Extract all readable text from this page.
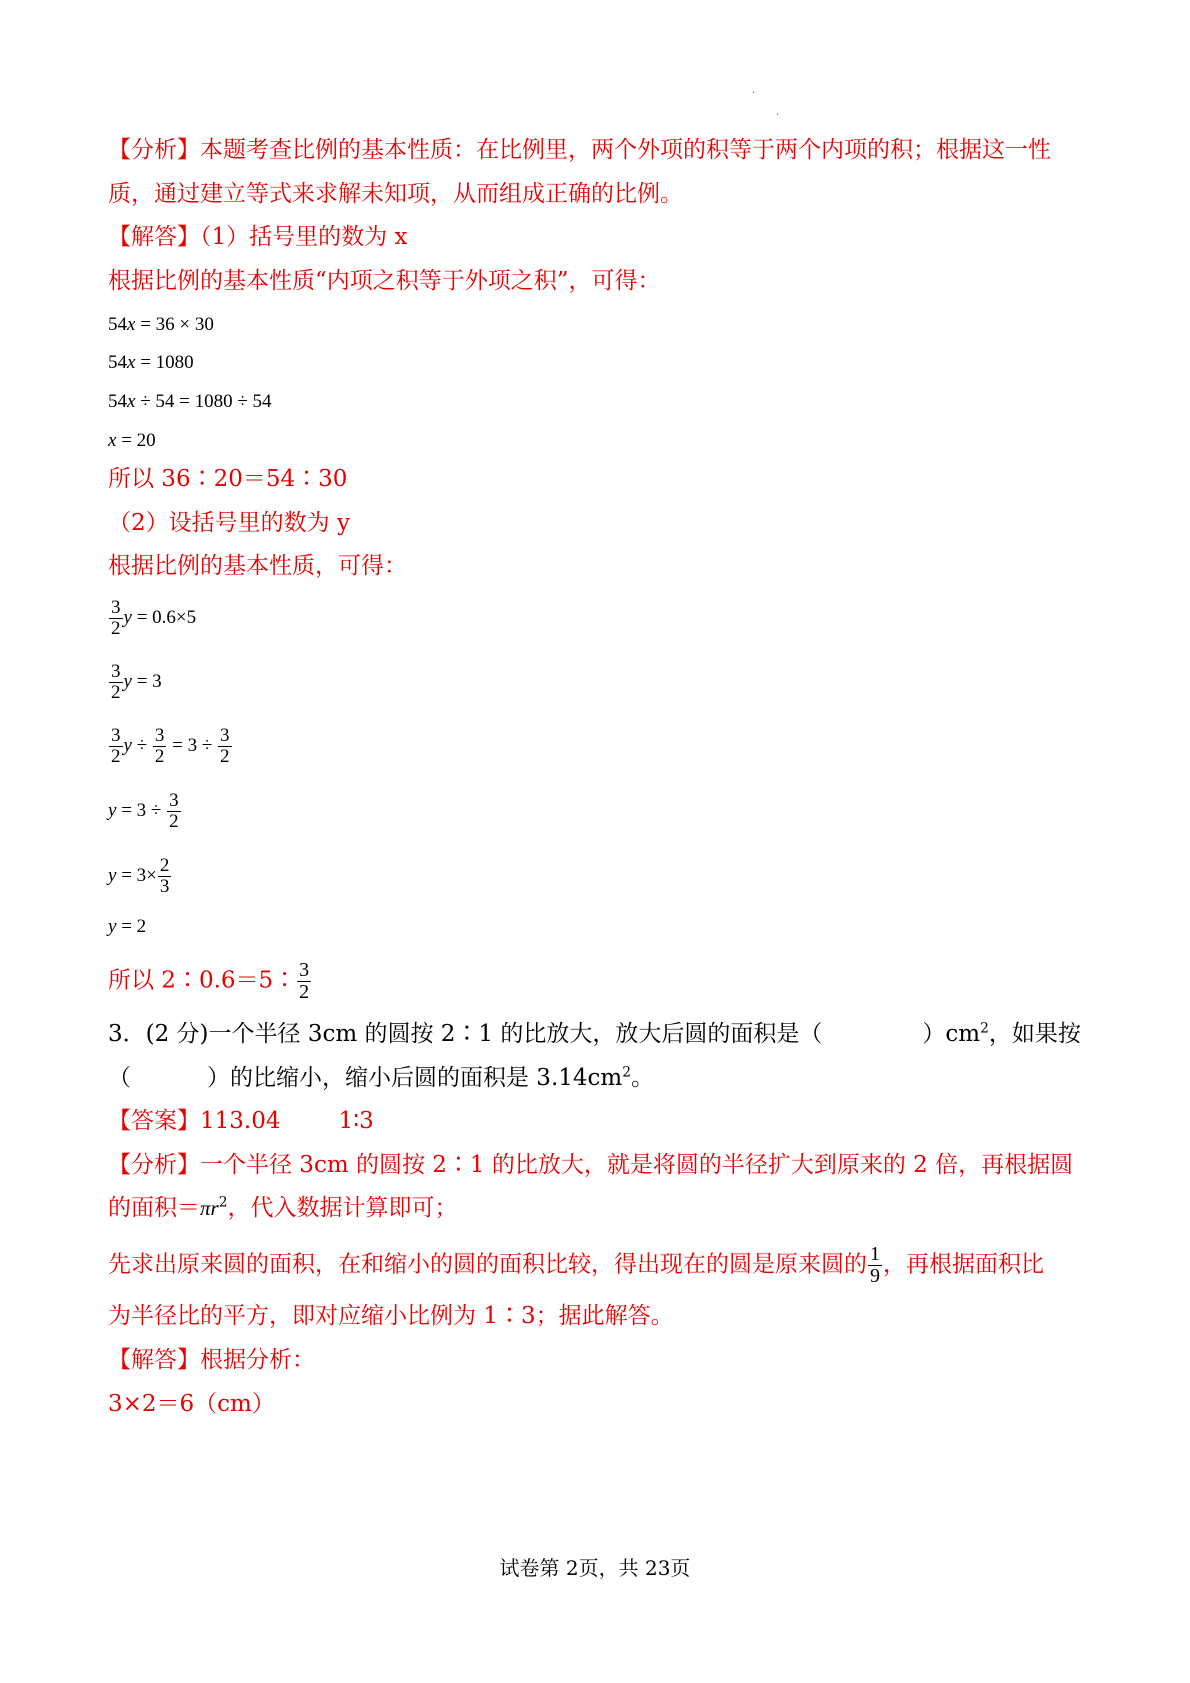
·
·
【分析】本题考查比例的基本性质：在比例里，两个外项的积等于两个内项的积；根据这一性
质，通过建立等式来求解未知项，从而组成正确的比例。
【解答】（1）括号里的数为 x
根据比例的基本性质“内项之积等于外项之积”，可得：
54x = 36 × 30
54x = 1080
54x ÷ 54 = 1080 ÷ 54
x = 20
所以 36∶20＝54∶30
（2）设括号里的数为 y
根据比例的基本性质，可得：
$\frac{3}{2}$ y = 0.6×5
$\frac{3}{2}$ y = 3
$\frac{3}{2}$ $y \div \frac{3}{2} = 3 \div \frac{3}{2}$
$y = 3 \div \frac{3}{2}$
$y = 3\times \frac{2}{3}$
y = 2
所以 2∶0.6＝5∶ $\frac{3}{2}$
3．(2 分)一个半径 3cm 的圆按 2∶1 的比放大，放大后圆的面积是（	）$cm^2$，如果按
（	）的比缩小，缩小后圆的面积是 $3.14cm^2$。
【答案】113.04	1∶3
【分析】一个半径 3cm 的圆按 2∶1 的比放大，就是将圆的半径扩大到原来的 2 倍，再根据圆
的面积$=\pi r^2$，代入数据计算即可；
先求出原来圆的面积，在和缩小的圆的面积比较，得出现在的圆是原来圆的 $\frac{1}{9}$ ，再根据面积比
为半径比的平方，即对应缩小比例为 1∶3；据此解答。
【解答】根据分析：
3×2＝6（cm）
试卷第 2页，共 23页
